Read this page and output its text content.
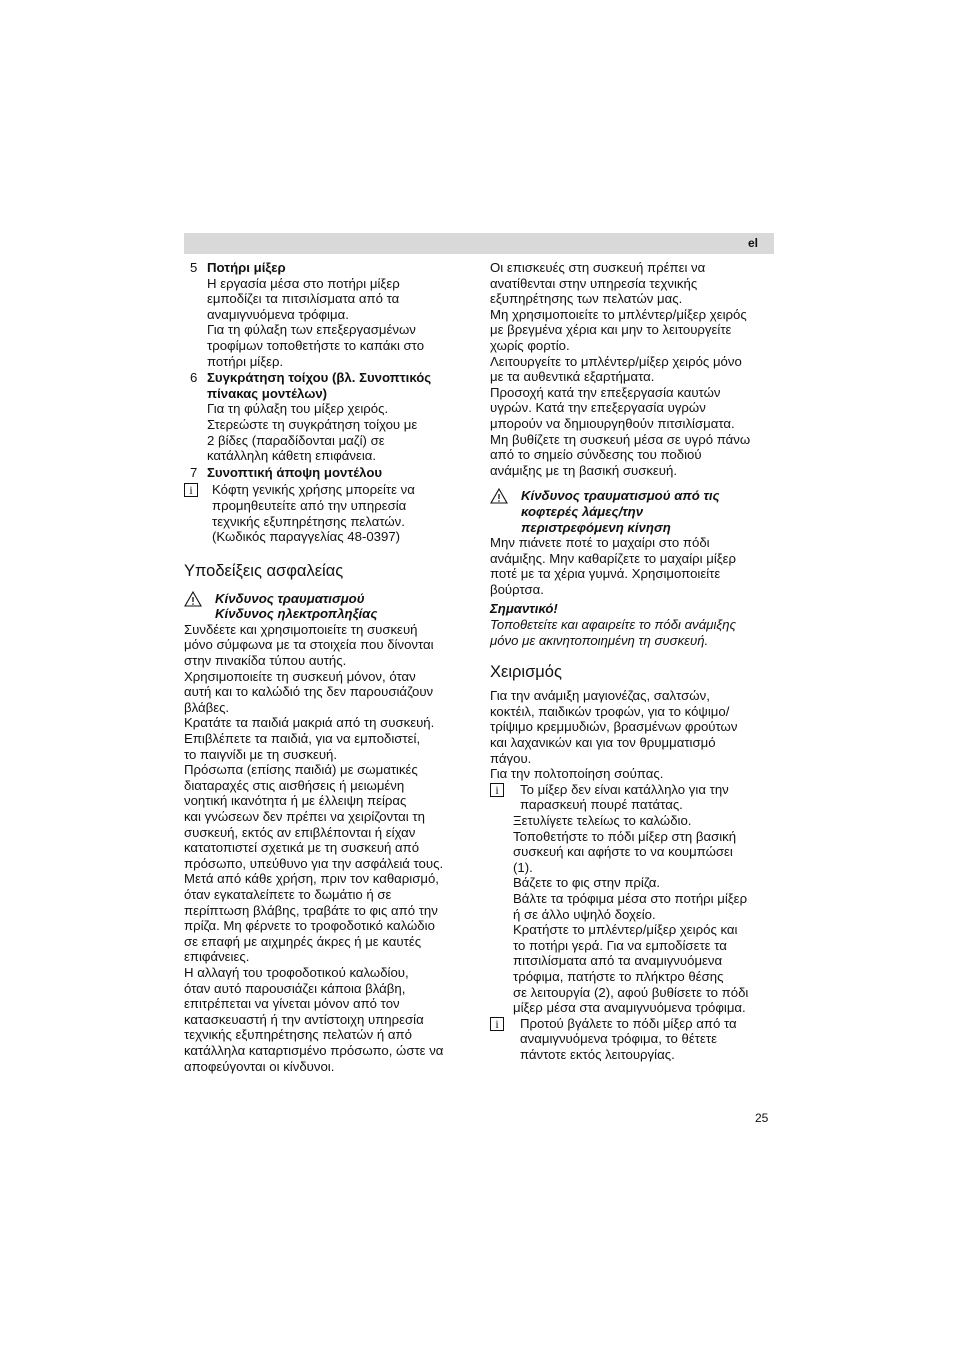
el
5 Ποτήρι μίξερ

Η εργασία μέσα στο ποτήρι μίξερ

εμποδίζει τα πιτσιλίσματα από τα

αναμιγνυόμενα τρόφιμα.

Για τη φύλαξη των επεξεργασμένων

τροφίμων τοποθετήστε το καπάκι στο

ποτήρι μίξερ.

6 Συγκράτηση τοίχου (βλ. Συνοπτικός

πίνακας μοντέλων)

Για τη φύλαξη του μίξερ χειρός.

Στερεώστε τη συγκράτηση τοίχου με

2 βίδες (παραδίδονται μαζί) σε

κατάλληλη κάθετη επιφάνεια.

7 Συνοπτική άποψη μοντέλου

i	Κόφτη γενικής χρήσης μπορείτε να

προμηθευτείτε από την υπηρεσία

τεχνικής εξυπηρέτησης πελατών.

(Κωδικός παραγγελίας 48-0397)

Υποδείξεις ασφαλείας

Κίνδυνος τραυματισμού

Κίνδυνος ηλεκτροπληξίας

Συνδέετε και χρησιμοποιείτε τη συσκευή

μόνο σύμφωνα με τα στοιχεία που δίνονται

στην πινακίδα τύπου αυτής.

Χρησιμοποιείτε τη συσκευή μόνον, όταν

αυτή και το καλώδιό της δεν παρουσιάζουν

βλάβες.

Κρατάτε τα παιδιά μακριά από τη συσκευή.

Επιβλέπετε τα παιδιά, για να εμποδιστεί,

το παιγνίδι με τη συσκευή.

Πρόσωπα (επίσης παιδιά) με σωματικές

διαταραχές στις αισθήσεις ή μειωμένη

νοητική ικανότητα ή με έλλειψη πείρας

και γνώσεων δεν πρέπει να χειρίζονται τη

συσκευή, εκτός αν επιβλέπονται ή είχαν

κατατοπιστεί σχετικά με τη συσκευή από

πρόσωπο, υπεύθυνο για την ασφάλειά τους.

Μετά από κάθε χρήση, πριν τον καθαρισμό,

όταν εγκαταλείπετε το δωμάτιο ή σε

περίπτωση βλάβης, τραβάτε το φις από την

πρίζα. Μη φέρνετε το τροφοδοτικό καλώδιο

σε επαφή με αιχμηρές άκρες ή με καυτές

επιφάνειες.

Η αλλαγή του τροφοδοτικού καλωδίου,

όταν αυτό παρουσιάζει κάποια βλάβη,

επιτρέπεται να γίνεται μόνον από τον

κατασκευαστή ή την αντίστοιχη υπηρεσία

τεχνικής εξυπηρέτησης πελατών ή από

κατάλληλα καταρτισμένο πρόσωπο, ώστε να

αποφεύγονται οι κίνδυνοι.

Οι επισκευές στη συσκευή πρέπει να

ανατίθενται στην υπηρεσία τεχνικής

εξυπηρέτησης των πελατών μας.

Μη χρησιμοποιείτε το μπλέντερ/μίξερ χειρός

με βρεγμένα χέρια και μην το λειτουργείτε

χωρίς φορτίο.

Λειτουργείτε το μπλέντερ/μίξερ χειρός μόνο

με τα αυθεντικά εξαρτήματα.

Προσοχή κατά την επεξεργασία καυτών

υγρών. Κατά την επεξεργασία υγρών

μπορούν να δημιουργηθούν πιτσιλίσματα.

Μη βυθίζετε τη συσκευή μέσα σε υγρό πάνω

από το σημείο σύνδεσης του ποδιού

ανάμιξης με τη βασική συσκευή.

Κίνδυνος τραυματισμού από τις

κοφτερές λάμες/την

περιστρεφόμενη κίνηση

Μην πιάνετε ποτέ το μαχαίρι στο πόδι

ανάμιξης. Μην καθαρίζετε το μαχαίρι μίξερ

ποτέ με τα χέρια γυμνά. Χρησιμοποιείτε

βούρτσα.

Σημαντικό!

Τοποθετείτε και αφαιρείτε το πόδι ανάμιξης

μόνο με ακινητοποιημένη τη συσκευή.

Χειρισμός

Για την ανάμιξη μαγιονέζας, σαλτσών,

κοκτέιλ, παιδικών τροφών, για το κόψιμο/

τρίψιμο κρεμμυδιών, βρασμένων φρούτων

και λαχανικών και για τον θρυμματισμό

πάγου.

Για την πολτοποίηση σούπας.

i	Το μίξερ δεν είναι κατάλληλο για την

παρασκευή πουρέ πατάτας.

Ξετυλίγετε τελείως το καλώδιο.

Τοποθετήστε το πόδι μίξερ στη βασική

συσκευή και αφήστε το να κουμπώσει

(1).

Βάζετε το φις στην πρίζα.

Βάλτε τα τρόφιμα μέσα στο ποτήρι μίξερ

ή σε άλλο υψηλό δοχείο.

Κρατήστε το μπλέντερ/μίξερ χειρός και

το ποτήρι γερά. Για να εμποδίσετε τα

πιτσιλίσματα από τα αναμιγνυόμενα

τρόφιμα, πατήστε το πλήκτρο θέσης

σε λειτουργία (2), αφού βυθίσετε το πόδι

μίξερ μέσα στα αναμιγνυόμενα τρόφιμα.

i	Προτού βγάλετε το πόδι μίξερ από τα

αναμιγνυόμενα τρόφιμα, το θέτετε

πάντοτε εκτός λειτουργίας.

25
